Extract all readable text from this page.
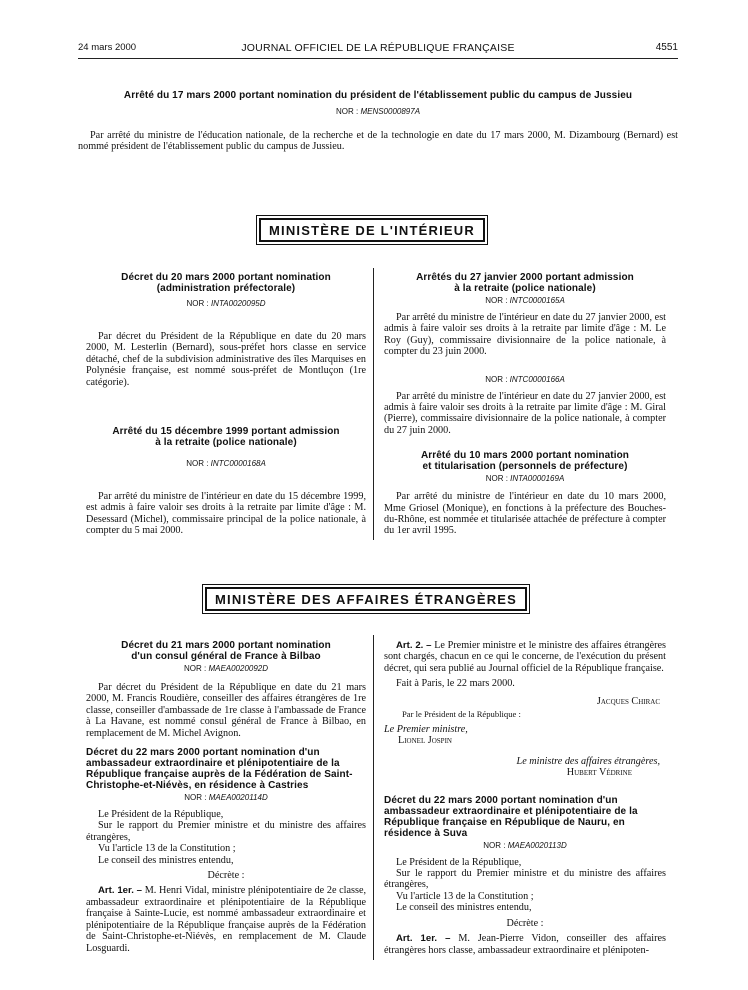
24 mars 2000	JOURNAL OFFICIEL DE LA RÉPUBLIQUE FRANÇAISE	4551
Arrêté du 17 mars 2000 portant nomination du président de l'établissement public du campus de Jussieu
NOR : MENS0000897A

Par arrêté du ministre de l'éducation nationale, de la recherche et de la technologie en date du 17 mars 2000, M. Dizambourg (Bernard) est nommé président de l'établissement public du campus de Jussieu.

MINISTÈRE DE L'INTÉRIEUR
Décret du 20 mars 2000 portant nomination
(administration préfectorale)
NOR : INTA0020095D

Par décret du Président de la République en date du 20 mars 2000, M. Lesterlin (Bernard), sous-préfet hors classe en service détaché, chef de la subdivision administrative des îles Marquises en Polynésie française, est nommé sous-préfet de Montluçon (1re catégorie).

Arrêté du 15 décembre 1999 portant admission
à la retraite (police nationale)
NOR : INTC0000168A

Par arrêté du ministre de l'intérieur en date du 15 décembre 1999, est admis à faire valoir ses droits à la retraite par limite d'âge : M. Desessard (Michel), commissaire principal de la police nationale, à compter du 5 mai 2000.

Arrêtés du 27 janvier 2000 portant admission
à la retraite (police nationale)
NOR : INTC0000165A

Par arrêté du ministre de l'intérieur en date du 27 janvier 2000, est admis à faire valoir ses droits à la retraite par limite d'âge : M. Le Roy (Guy), commissaire divisionnaire de la police nationale, à compter du 23 juin 2000.

NOR : INTC0000166A

Par arrêté du ministre de l'intérieur en date du 27 janvier 2000, est admis à faire valoir ses droits à la retraite par limite d'âge : M. Giral (Pierre), commissaire divisionnaire de la police nationale, à compter du 27 juin 2000.

Arrêté du 10 mars 2000 portant nomination
et titularisation (personnels de préfecture)
NOR : INTA0000169A

Par arrêté du ministre de l'intérieur en date du 10 mars 2000, Mme Griosel (Monique), en fonctions à la préfecture des Bouches-du-Rhône, est nommée et titularisée attachée de préfecture à compter du 1er avril 1995.

MINISTÈRE DES AFFAIRES ÉTRANGÈRES
Décret du 21 mars 2000 portant nomination
d'un consul général de France à Bilbao
NOR : MAEA0020092D

Par décret du Président de la République en date du 21 mars 2000, M. Francis Roudière, conseiller des affaires étrangères de 1re classe, conseiller d'ambassade de 1re classe à l'ambassade de France à La Havane, est nommé consul général de France à Bilbao, en remplacement de M. Michel Avignon.

Décret du 22 mars 2000 portant nomination d'un ambassadeur extraordinaire et plénipotentiaire de la République française auprès de la Fédération de Saint-Christophe-et-Niévès, en résidence à Castries
NOR : MAEA0020114D

Le Président de la République,

Sur le rapport du Premier ministre et du ministre des affaires étrangères,

Vu l'article 13 de la Constitution ;

Le conseil des ministres entendu,

Décrète :

Art. 1er. – M. Henri Vidal, ministre plénipotentiaire de 2e classe, ambassadeur extraordinaire et plénipotentiaire de la République française à Sainte-Lucie, est nommé ambassadeur extraordinaire et plénipotentiaire de la République française auprès de la Fédération de Saint-Christophe-et-Niévès, en remplacement de M. Claude Losguardi.

Art. 2. – Le Premier ministre et le ministre des affaires étrangères sont chargés, chacun en ce qui le concerne, de l'exécution du présent décret, qui sera publié au Journal officiel de la République française.

Fait à Paris, le 22 mars 2000.

Jacques Chirac
Par le Président de la République :
Le Premier ministre,
Lionel Jospin
Le ministre des affaires étrangères,
Hubert Védrine
Décret du 22 mars 2000 portant nomination d'un ambassadeur extraordinaire et plénipotentiaire de la République française en République de Nauru, en résidence à Suva
NOR : MAEA0020113D

Le Président de la République,

Sur le rapport du Premier ministre et du ministre des affaires étrangères,

Vu l'article 13 de la Constitution ;

Le conseil des ministres entendu,

Décrète :

Art. 1er. – M. Jean-Pierre Vidon, conseiller des affaires étrangères hors classe, ambassadeur extraordinaire et plénipoten-
